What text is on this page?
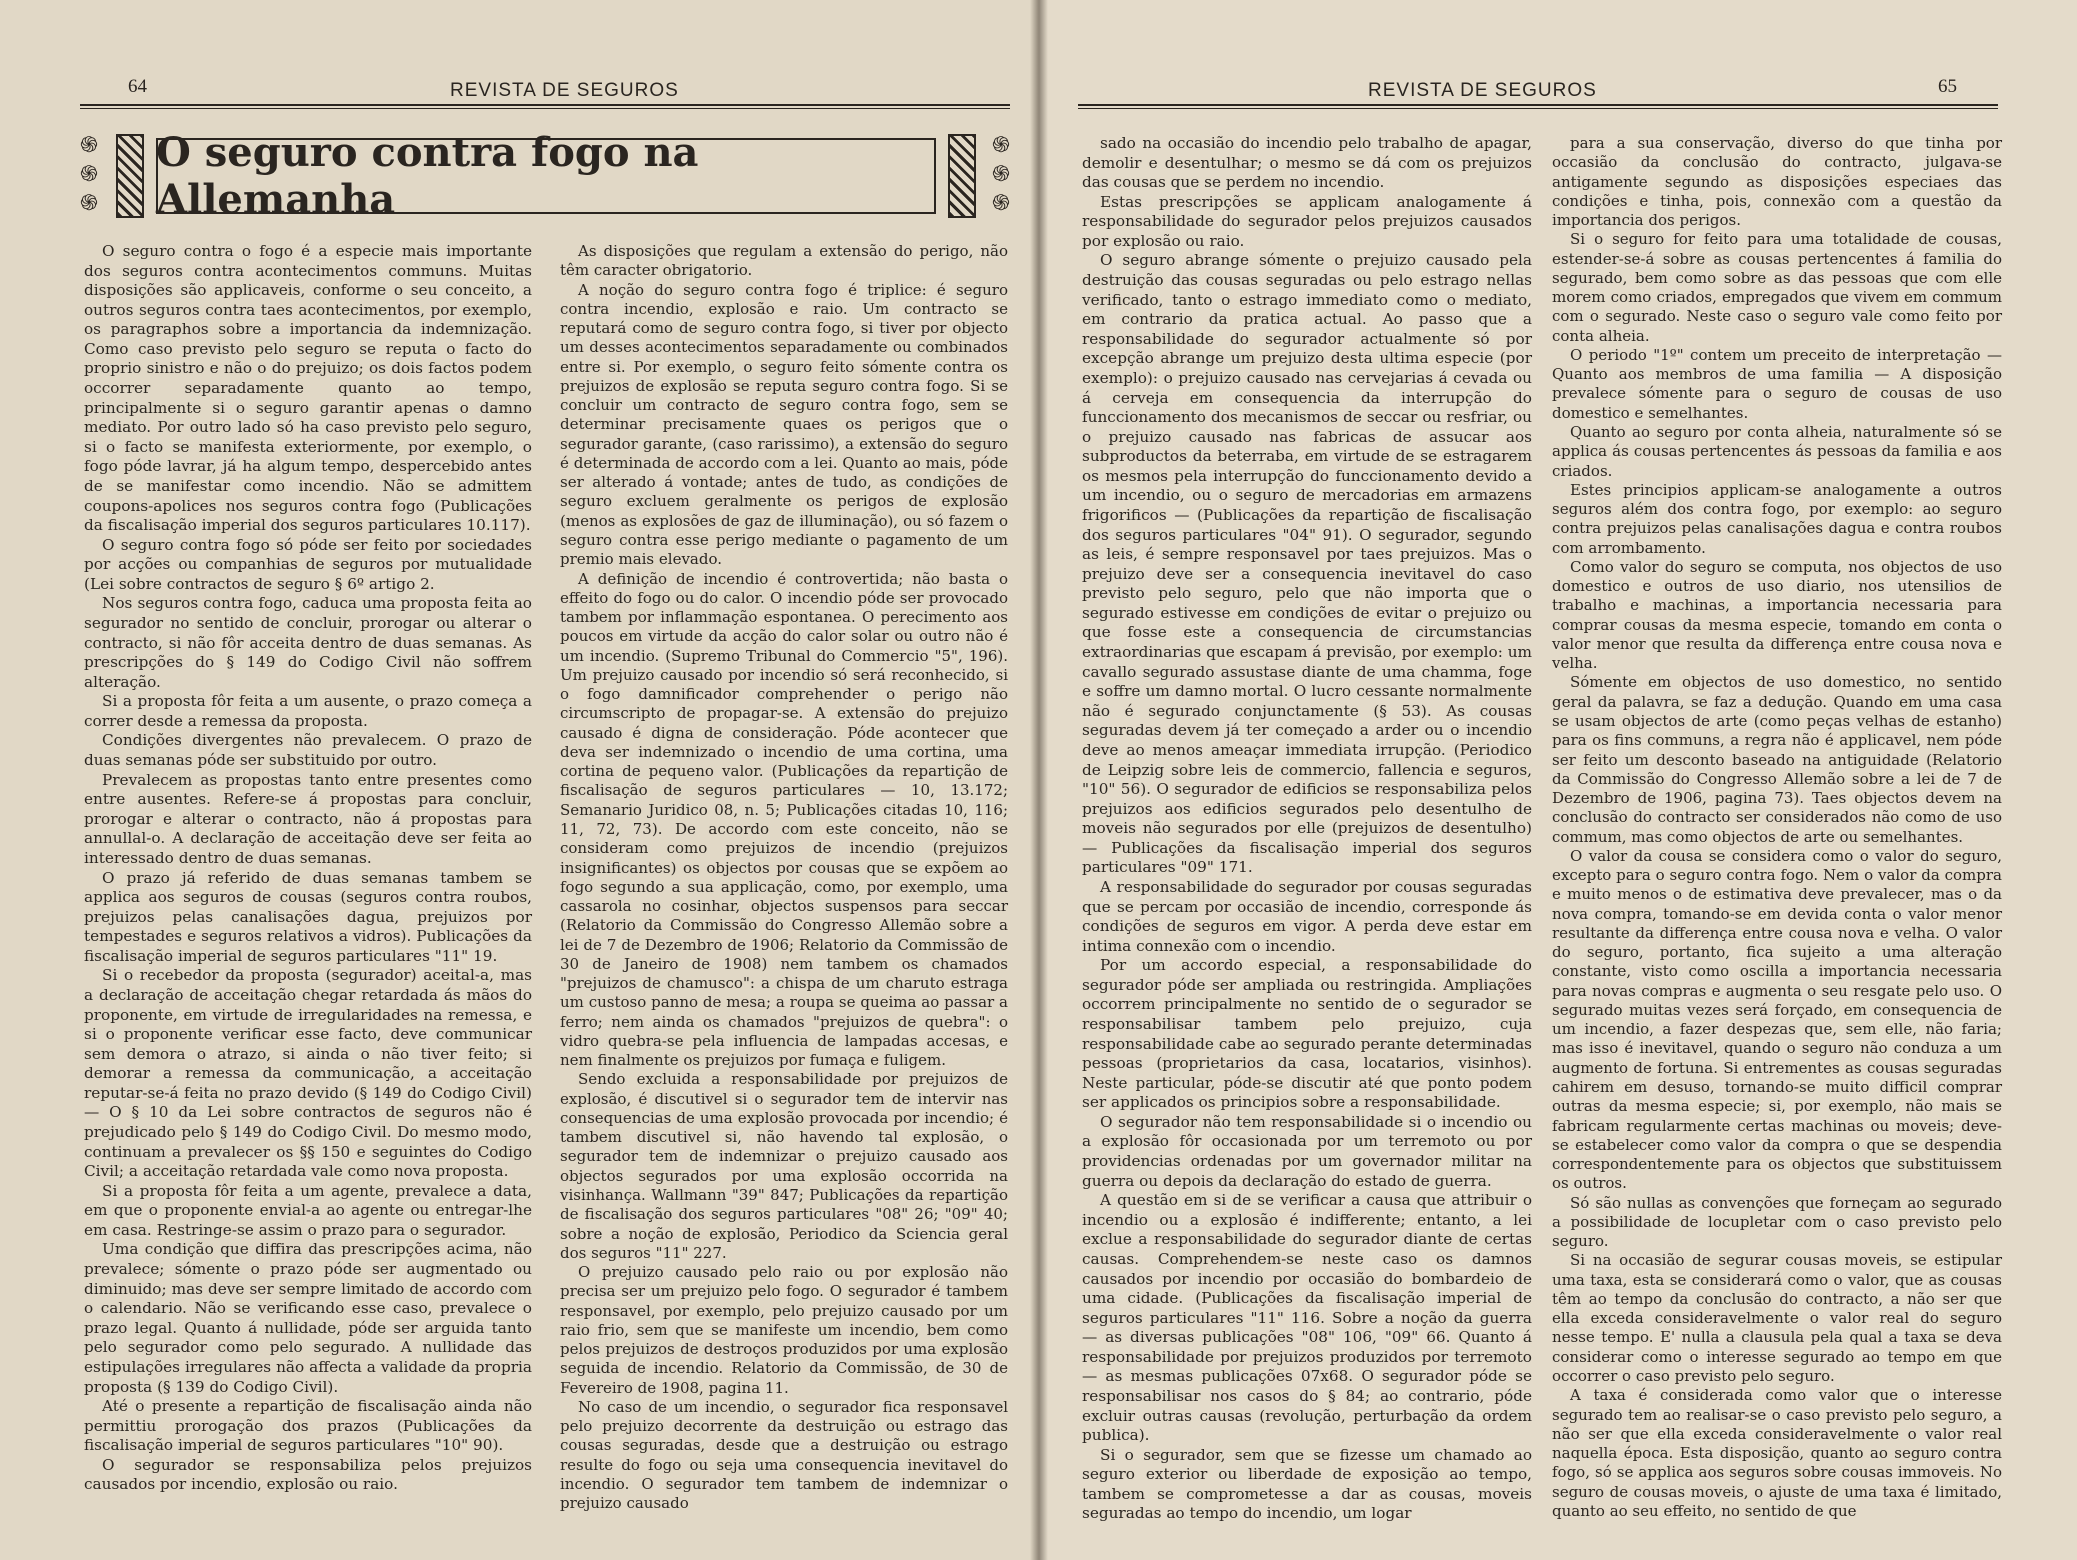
64	REVISTA DE SEGUROS
֍
֍
֍
O seguro contra fogo na Allemanha
֍
֍
֍

O seguro contra o fogo é a especie mais importante dos seguros contra acontecimentos communs. Muitas disposições são applicaveis, conforme o seu conceito, a outros seguros contra taes acontecimentos, por exemplo, os paragraphos sobre a importancia da indemnização. Como caso previsto pelo seguro se reputa o facto do proprio sinistro e não o do prejuizo; os dois factos podem occorrer separadamente quanto ao tempo, principalmente si o seguro garantir apenas o damno mediato. Por outro lado só ha caso previsto pelo seguro, si o facto se manifesta exteriormente, por exemplo, o fogo póde lavrar, já ha algum tempo, despercebido antes de se manifestar como incendio. Não se admittem coupons-apolices nos seguros contra fogo (Publicações da fiscalisação imperial dos seguros particulares 10.117).

O seguro contra fogo só póde ser feito por sociedades por acções ou companhias de seguros por mutualidade (Lei sobre contractos de seguro § 6º artigo 2.

Nos seguros contra fogo, caduca uma proposta feita ao segurador no sentido de concluir, prorogar ou alterar o contracto, si não fôr acceita dentro de duas semanas. As prescripções do § 149 do Codigo Civil não soffrem alteração.

Si a proposta fôr feita a um ausente, o prazo começa a correr desde a remessa da proposta.

Condições divergentes não prevalecem. O prazo de duas semanas póde ser substituido por outro.

Prevalecem as propostas tanto entre presentes como entre ausentes. Refere-se á propostas para concluir, prorogar e alterar o contracto, não á propostas para annullal-o. A declaração de acceitação deve ser feita ao interessado dentro de duas semanas.

O prazo já referido de duas semanas tambem se applica aos seguros de cousas (seguros contra roubos, prejuizos pelas canalisações dagua, prejuizos por tempestades e seguros relativos a vidros). Publicações da fiscalisação imperial de seguros particulares "11" 19.

Si o recebedor da proposta (segurador) aceital-a, mas a declaração de acceitação chegar retardada ás mãos do proponente, em virtude de irregularidades na remessa, e si o proponente verificar esse facto, deve communicar sem demora o atrazo, si ainda o não tiver feito; si demorar a remessa da communicação, a acceitação reputar-se-á feita no prazo devido (§ 149 do Codigo Civil) — O § 10 da Lei sobre contractos de seguros não é prejudicado pelo § 149 do Codigo Civil. Do mesmo modo, continuam a prevalecer os §§ 150 e seguintes do Codigo Civil; a acceitação retardada vale como nova proposta.

Si a proposta fôr feita a um agente, prevalece a data, em que o proponente envial-a ao agente ou entregar-lhe em casa. Restringe-se assim o prazo para o segurador.

Uma condição que diffira das prescripções acima, não prevalece; sómente o prazo póde ser augmentado ou diminuido; mas deve ser sempre limitado de accordo com o calendario. Não se verificando esse caso, prevalece o prazo legal. Quanto á nullidade, póde ser arguida tanto pelo segurador como pelo segurado. A nullidade das estipulações irregulares não affecta a validade da propria proposta (§ 139 do Codigo Civil).

Até o presente a repartição de fiscalisação ainda não permittiu prorogação dos prazos (Publicações da fiscalisação imperial de seguros particulares "10" 90).

O segurador se responsabiliza pelos prejuizos causados por incendio, explosão ou raio.

As disposições que regulam a extensão do perigo, não têm caracter obrigatorio.

A noção do seguro contra fogo é triplice: é seguro contra incendio, explosão e raio. Um contracto se reputará como de seguro contra fogo, si tiver por objecto um desses acontecimentos separadamente ou combinados entre si. Por exemplo, o seguro feito sómente contra os prejuizos de explosão se reputa seguro contra fogo. Si se concluir um contracto de seguro contra fogo, sem se determinar precisamente quaes os perigos que o segurador garante, (caso rarissimo), a extensão do seguro é determinada de accordo com a lei. Quanto ao mais, póde ser alterado á vontade; antes de tudo, as condições de seguro excluem geralmente os perigos de explosão (menos as explosões de gaz de illuminação), ou só fazem o seguro contra esse perigo mediante o pagamento de um premio mais elevado.

A definição de incendio é controvertida; não basta o effeito do fogo ou do calor. O incendio póde ser provocado tambem por inflammação espontanea. O perecimento aos poucos em virtude da acção do calor solar ou outro não é um incendio. (Supremo Tribunal do Commercio "5", 196). Um prejuizo causado por incendio só será reconhecido, si o fogo damnificador comprehender o perigo não circumscripto de propagar-se. A extensão do prejuizo causado é digna de consideração. Póde acontecer que deva ser indemnizado o incendio de uma cortina, uma cortina de pequeno valor. (Publicações da repartição de fiscalisação de seguros particulares — 10, 13.172; Semanario Juridico 08, n. 5; Publicações citadas 10, 116; 11, 72, 73). De accordo com este conceito, não se consideram como prejuizos de incendio (prejuizos insignificantes) os objectos por cousas que se expõem ao fogo segundo a sua applicação, como, por exemplo, uma cassarola no cosinhar, objectos suspensos para seccar (Relatorio da Commissão do Congresso Allemão sobre a lei de 7 de Dezembro de 1906; Relatorio da Commissão de 30 de Janeiro de 1908) nem tambem os chamados "prejuizos de chamusco": a chispa de um charuto estraga um custoso panno de mesa; a roupa se queima ao passar a ferro; nem ainda os chamados "prejuizos de quebra": o vidro quebra-se pela influencia de lampadas accesas, e nem finalmente os prejuizos por fumaça e fuligem.

Sendo excluida a responsabilidade por prejuizos de explosão, é discutivel si o segurador tem de intervir nas consequencias de uma explosão provocada por incendio; é tambem discutivel si, não havendo tal explosão, o segurador tem de indemnizar o prejuizo causado aos objectos segurados por uma explosão occorrida na visinhança. Wallmann "39" 847; Publicações da repartição de fiscalisação dos seguros particulares "08" 26; "09" 40; sobre a noção de explosão, Periodico da Sciencia geral dos seguros "11" 227.

O prejuizo causado pelo raio ou por explosão não precisa ser um prejuizo pelo fogo. O segurador é tambem responsavel, por exemplo, pelo prejuizo causado por um raio frio, sem que se manifeste um incendio, bem como pelos prejuizos de destroços produzidos por uma explosão seguida de incendio. Relatorio da Commissão, de 30 de Fevereiro de 1908, pagina 11.

No caso de um incendio, o segurador fica responsavel pelo prejuizo decorrente da destruição ou estrago das cousas seguradas, desde que a destruição ou estrago resulte do fogo ou seja uma consequencia inevitavel do incendio. O segurador tem tambem de indemnizar o prejuizo causado

REVISTA DE SEGUROS	65

sado na occasião do incendio pelo trabalho de apagar, demolir e desentulhar; o mesmo se dá com os prejuizos das cousas que se perdem no incendio.

Estas prescripções se applicam analogamente á responsabilidade do segurador pelos prejuizos causados por explosão ou raio.

O seguro abrange sómente o prejuizo causado pela destruição das cousas seguradas ou pelo estrago nellas verificado, tanto o estrago immediato como o mediato, em contrario da pratica actual. Ao passo que a responsabilidade do segurador actualmente só por excepção abrange um prejuizo desta ultima especie (por exemplo): o prejuizo causado nas cervejarias á cevada ou á cerveja em consequencia da interrupção do funccionamento dos mecanismos de seccar ou resfriar, ou o prejuizo causado nas fabricas de assucar aos subproductos da beterraba, em virtude de se estragarem os mesmos pela interrupção do funccionamento devido a um incendio, ou o seguro de mercadorias em armazens frigorificos — (Publicações da repartição de fiscalisação dos seguros particulares "04" 91). O segurador, segundo as leis, é sempre responsavel por taes prejuizos. Mas o prejuizo deve ser a consequencia inevitavel do caso previsto pelo seguro, pelo que não importa que o segurado estivesse em condições de evitar o prejuizo ou que fosse este a consequencia de circumstancias extraordinarias que escapam á previsão, por exemplo: um cavallo segurado assustase diante de uma chamma, foge e soffre um damno mortal. O lucro cessante normalmente não é segurado conjunctamente (§ 53). As cousas seguradas devem já ter começado a arder ou o incendio deve ao menos ameaçar immediata irrupção. (Periodico de Leipzig sobre leis de commercio, fallencia e seguros, "10" 56). O segurador de edificios se responsabiliza pelos prejuizos aos edificios segurados pelo desentulho de moveis não segurados por elle (prejuizos de desentulho) — Publicações da fiscalisação imperial dos seguros particulares "09" 171.

A responsabilidade do segurador por cousas seguradas que se percam por occasião de incendio, corresponde ás condições de seguros em vigor. A perda deve estar em intima connexão com o incendio.

Por um accordo especial, a responsabilidade do segurador póde ser ampliada ou restringida. Ampliações occorrem principalmente no sentido de o segurador se responsabilisar tambem pelo prejuizo, cuja responsabilidade cabe ao segurado perante determinadas pessoas (proprietarios da casa, locatarios, visinhos). Neste particular, póde-se discutir até que ponto podem ser applicados os principios sobre a responsabilidade.

O segurador não tem responsabilidade si o incendio ou a explosão fôr occasionada por um terremoto ou por providencias ordenadas por um governador militar na guerra ou depois da declaração do estado de guerra.

A questão em si de se verificar a causa que attribuir o incendio ou a explosão é indifferente; entanto, a lei exclue a responsabilidade do segurador diante de certas causas. Comprehendem-se neste caso os damnos causados por incendio por occasião do bombardeio de uma cidade. (Publicações da fiscalisação imperial de seguros particulares "11" 116. Sobre a noção da guerra — as diversas publicações "08" 106, "09" 66. Quanto á responsabilidade por prejuizos produzidos por terremoto — as mesmas publicações 07x68. O segurador póde se responsabilisar nos casos do § 84; ao contrario, póde excluir outras causas (revolução, perturbação da ordem publica).

Si o segurador, sem que se fizesse um chamado ao seguro exterior ou liberdade de exposição ao tempo, tambem se comprometesse a dar as cousas, moveis seguradas ao tempo do incendio, um logar

para a sua conservação, diverso do que tinha por occasião da conclusão do contracto, julgava-se antigamente segundo as disposições especiaes das condições e tinha, pois, connexão com a questão da importancia dos perigos.

Si o seguro for feito para uma totalidade de cousas, estender-se-á sobre as cousas pertencentes á familia do segurado, bem como sobre as das pessoas que com elle morem como criados, empregados que vivem em commum com o segurado. Neste caso o seguro vale como feito por conta alheia.

O periodo "1º" contem um preceito de interpretação — Quanto aos membros de uma familia — A disposição prevalece sómente para o seguro de cousas de uso domestico e semelhantes.

Quanto ao seguro por conta alheia, naturalmente só se applica ás cousas pertencentes ás pessoas da familia e aos criados.

Estes principios applicam-se analogamente a outros seguros além dos contra fogo, por exemplo: ao seguro contra prejuizos pelas canalisações dagua e contra roubos com arrombamento.

Como valor do seguro se computa, nos objectos de uso domestico e outros de uso diario, nos utensilios de trabalho e machinas, a importancia necessaria para comprar cousas da mesma especie, tomando em conta o valor menor que resulta da differença entre cousa nova e velha.

Sómente em objectos de uso domestico, no sentido geral da palavra, se faz a dedução. Quando em uma casa se usam objectos de arte (como peças velhas de estanho) para os fins communs, a regra não é applicavel, nem póde ser feito um desconto baseado na antiguidade (Relatorio da Commissão do Congresso Allemão sobre a lei de 7 de Dezembro de 1906, pagina 73). Taes objectos devem na conclusão do contracto ser considerados não como de uso commum, mas como objectos de arte ou semelhantes.

O valor da cousa se considera como o valor do seguro, excepto para o seguro contra fogo. Nem o valor da compra e muito menos o de estimativa deve prevalecer, mas o da nova compra, tomando-se em devida conta o valor menor resultante da differença entre cousa nova e velha. O valor do seguro, portanto, fica sujeito a uma alteração constante, visto como oscilla a importancia necessaria para novas compras e augmenta o seu resgate pelo uso. O segurado muitas vezes será forçado, em consequencia de um incendio, a fazer despezas que, sem elle, não faria; mas isso é inevitavel, quando o seguro não conduza a um augmento de fortuna. Si entrementes as cousas seguradas cahirem em desuso, tornando-se muito difficil comprar outras da mesma especie; si, por exemplo, não mais se fabricam regularmente certas machinas ou moveis; deve-se estabelecer como valor da compra o que se despendia correspondentemente para os objectos que substituissem os outros.

Só são nullas as convenções que forneçam ao segurado a possibilidade de locupletar com o caso previsto pelo seguro.

Si na occasião de segurar cousas moveis, se estipular uma taxa, esta se considerará como o valor, que as cousas têm ao tempo da conclusão do contracto, a não ser que ella exceda consideravelmente o valor real do seguro nesse tempo. E' nulla a clausula pela qual a taxa se deva considerar como o interesse segurado ao tempo em que occorrer o caso previsto pelo seguro.

A taxa é considerada como valor que o interesse segurado tem ao realisar-se o caso previsto pelo seguro, a não ser que ella exceda consideravelmente o valor real naquella época. Esta disposição, quanto ao seguro contra fogo, só se applica aos seguros sobre cousas immoveis. No seguro de cousas moveis, o ajuste de uma taxa é limitado, quanto ao seu effeito, no sentido de que
